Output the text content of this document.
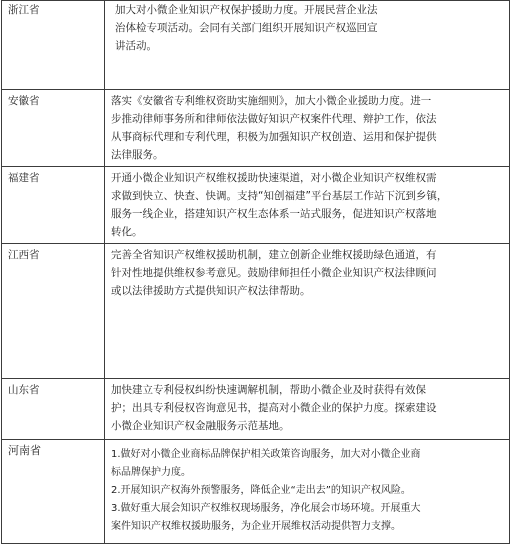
浙江省	加大对小微企业知识产权保护援助力度。开展民营企业法

治体检专项活动。会同有关部门组织开展知识产权巡回宣

讲活动。

安徽省	落实《安徽省专利维权资助实施细则》，加大小微企业援助力度。进一

步推动律师事务所和律师依法做好知识产权案件代理、辩护工作，依法

从事商标代理和专利代理，积极为加强知识产权创造、运用和保护提供

法律服务。

福建省	开通小微企业知识产权维权援助快速渠道，对小微企业知识产权维权需

求做到快立、快查、快调。支持“知创福建”平台基层工作站下沉到乡镇，

服务一线企业，搭建知识产权生态体系一站式服务，促进知识产权落地

转化。

江西省	完善全省知识产权维权援助机制，建立创新企业维权援助绿色通道，有

针对性地提供维权参考意见。鼓励律师担任小微企业知识产权法律顾问

或以法律援助方式提供知识产权法律帮助。

山东省	加快建立专利侵权纠纷快速调解机制，帮助小微企业及时获得有效保

护；出具专利侵权咨询意见书，提高对小微企业的保护力度。探索建设

小微企业知识产权金融服务示范基地。

河南省	1.做好对小微企业商标品牌保护相关政策咨询服务，加大对小微企业商

标品牌保护力度。

2.开展知识产权海外预警服务，降低企业“走出去”的知识产权风险。

3.做好重大展会知识产权维权现场服务，净化展会市场环境。开展重大

案件知识产权维权援助服务，为企业开展维权活动提供智力支撑。
